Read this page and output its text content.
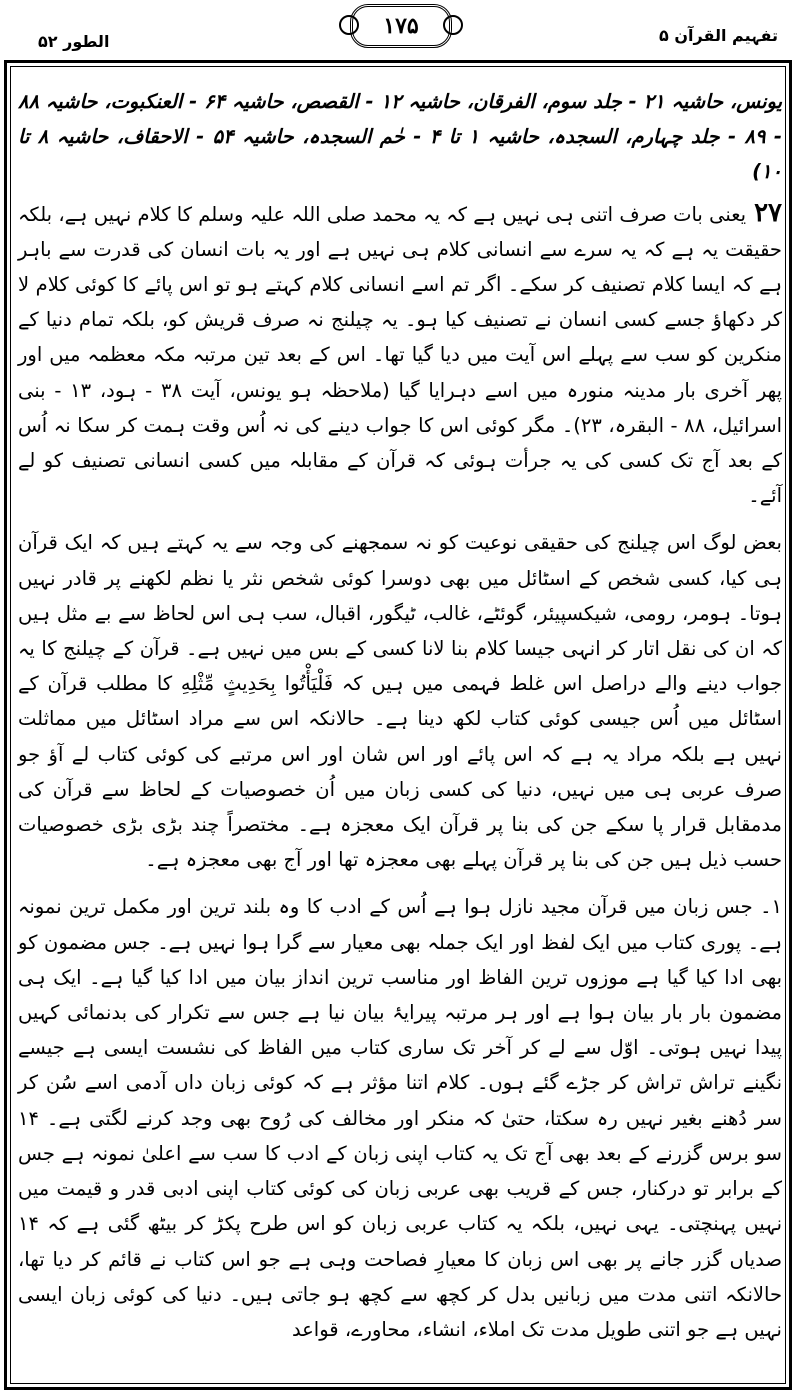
تفہیم القرآن ۵
۱۷۵
الطور ۵۲
یونس، حاشیہ ۲۱ - جلد سوم، الفرقان، حاشیہ ۱۲ - القصص، حاشیہ ۶۴ - العنکبوت، حاشیہ ۸۸ - ۸۹ - جلد چہارم، السجدہ، حاشیہ ۱ تا ۴ - حٰم السجدہ، حاشیہ ۵۴ - الاحقاف، حاشیہ ۸ تا ۱۰)

۲۷یعنی بات صرف اتنی ہی نہیں ہے کہ یہ محمد صلی اللہ علیہ وسلم کا کلام نہیں ہے، بلکہ حقیقت یہ ہے کہ یہ سرے سے انسانی کلام ہی نہیں ہے اور یہ بات انسان کی قدرت سے باہر ہے کہ ایسا کلام تصنیف کر سکے۔ اگر تم اسے انسانی کلام کہتے ہو تو اس پائے کا کوئی کلام لا کر دکھاؤ جسے کسی انسان نے تصنیف کیا ہو۔ یہ چیلنج نہ صرف قریش کو، بلکہ تمام دنیا کے منکرین کو سب سے پہلے اس آیت میں دیا گیا تھا۔ اس کے بعد تین مرتبہ مکہ معظمہ میں اور پھر آخری بار مدینہ منورہ میں اسے دہرایا گیا (ملاحظہ ہو یونس، آیت ۳۸ - ہود، ۱۳ - بنی اسرائیل، ۸۸ - البقرہ، ۲۳)۔ مگر کوئی اس کا جواب دینے کی نہ اُس وقت ہمت کر سکا نہ اُس کے بعد آج تک کسی کی یہ جرأت ہوئی کہ قرآن کے مقابلہ میں کسی انسانی تصنیف کو لے آئے۔

بعض لوگ اس چیلنج کی حقیقی نوعیت کو نہ سمجھنے کی وجہ سے یہ کہتے ہیں کہ ایک قرآن ہی کیا، کسی شخص کے اسٹائل میں بھی دوسرا کوئی شخص نثر یا نظم لکھنے پر قادر نہیں ہوتا۔ ہومر، رومی، شیکسپیئر، گوئٹے، غالب، ٹیگور، اقبال، سب ہی اس لحاظ سے بے مثل ہیں کہ ان کی نقل اتار کر انہی جیسا کلام بنا لانا کسی کے بس میں نہیں ہے۔ قرآن کے چیلنج کا یہ جواب دینے والے دراصل اس غلط فہمی میں ہیں کہ فَلْيَأْتُوا بِحَدِيثٍ مِّثْلِهِ کا مطلب قرآن کے اسٹائل میں اُس جیسی کوئی کتاب لکھ دینا ہے۔ حالانکہ اس سے مراد اسٹائل میں مماثلت نہیں ہے بلکہ مراد یہ ہے کہ اس پائے اور اس شان اور اس مرتبے کی کوئی کتاب لے آؤ جو صرف عربی ہی میں نہیں، دنیا کی کسی زبان میں اُن خصوصیات کے لحاظ سے قرآن کی مدمقابل قرار پا سکے جن کی بنا پر قرآن ایک معجزہ ہے۔ مختصراً چند بڑی بڑی خصوصیات حسب ذیل ہیں جن کی بنا پر قرآن پہلے بھی معجزہ تھا اور آج بھی معجزہ ہے۔

۱۔ جس زبان میں قرآن مجید نازل ہوا ہے اُس کے ادب کا وہ بلند ترین اور مکمل ترین نمونہ ہے۔ پوری کتاب میں ایک لفظ اور ایک جملہ بھی معیار سے گرا ہوا نہیں ہے۔ جس مضمون کو بھی ادا کیا گیا ہے موزوں ترین الفاظ اور مناسب ترین انداز بیان میں ادا کیا گیا ہے۔ ایک ہی مضمون بار بار بیان ہوا ہے اور ہر مرتبہ پیرایۂ بیان نیا ہے جس سے تکرار کی بدنمائی کہیں پیدا نہیں ہوتی۔ اوّل سے لے کر آخر تک ساری کتاب میں الفاظ کی نشست ایسی ہے جیسے نگینے تراش تراش کر جڑے گئے ہوں۔ کلام اتنا مؤثر ہے کہ کوئی زبان داں آدمی اسے سُن کر سر دُھنے بغیر نہیں رہ سکتا، حتیٰ کہ منکر اور مخالف کی رُوح بھی وجد کرنے لگتی ہے۔ ۱۴ سو برس گزرنے کے بعد بھی آج تک یہ کتاب اپنی زبان کے ادب کا سب سے اعلیٰ نمونہ ہے جس کے برابر تو درکنار، جس کے قریب بھی عربی زبان کی کوئی کتاب اپنی ادبی قدر و قیمت میں نہیں پہنچتی۔ یہی نہیں، بلکہ یہ کتاب عربی زبان کو اس طرح پکڑ کر بیٹھ گئی ہے کہ ۱۴ صدیاں گزر جانے پر بھی اس زبان کا معیارِ فصاحت وہی ہے جو اس کتاب نے قائم کر دیا تھا، حالانکہ اتنی مدت میں زبانیں بدل کر کچھ سے کچھ ہو جاتی ہیں۔ دنیا کی کوئی زبان ایسی نہیں ہے جو اتنی طویل مدت تک املاء، انشاء، محاورے، قواعد
